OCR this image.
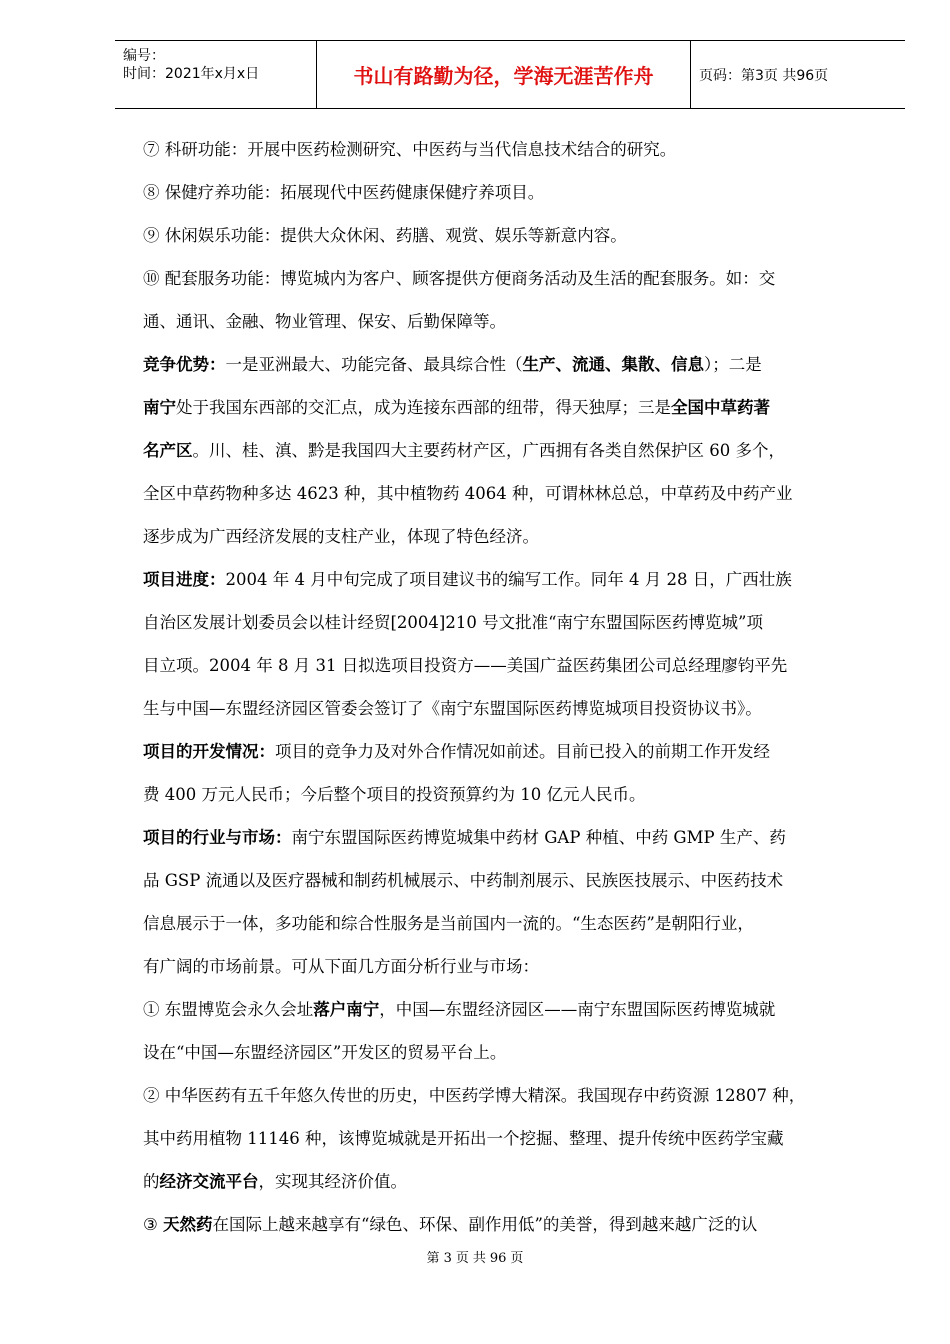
编号：
时间：2021年x月x日	书山有路勤为径，学海无涯苦作舟	页码：第3页 共96页

⑦ 科研功能：开展中医药检测研究、中医药与当代信息技术结合的研究。

⑧ 保健疗养功能：拓展现代中医药健康保健疗养项目。

⑨ 休闲娱乐功能：提供大众休闲、药膳、观赏、娱乐等新意内容。

⑩ 配套服务功能：博览城内为客户、顾客提供方便商务活动及生活的配套服务。如：交

通、通讯、金融、物业管理、保安、后勤保障等。

竞争优势：一是亚洲最大、功能完备、最具综合性（生产、流通、集散、信息）；二是

南宁处于我国东西部的交汇点，成为连接东西部的纽带，得天独厚；三是全国中草药著

名产区。川、桂、滇、黔是我国四大主要药材产区，广西拥有各类自然保护区 60 多个，

全区中草药物种多达 4623 种，其中植物药 4064 种，可谓林林总总，中草药及中药产业

逐步成为广西经济发展的支柱产业，体现了特色经济。

项目进度：2004 年 4 月中旬完成了项目建议书的编写工作。同年 4 月 28 日，广西壮族

自治区发展计划委员会以桂计经贸[2004]210 号文批准“南宁东盟国际医药博览城”项

目立项。2004 年 8 月 31 日拟选项目投资方——美国广益医药集团公司总经理廖钧平先

生与中国—东盟经济园区管委会签订了《南宁东盟国际医药博览城项目投资协议书》。

项目的开发情况：项目的竞争力及对外合作情况如前述。目前已投入的前期工作开发经

费 400 万元人民币；今后整个项目的投资预算约为 10 亿元人民币。

项目的行业与市场：南宁东盟国际医药博览城集中药材 GAP 种植、中药 GMP 生产、药

品 GSP 流通以及医疗器械和制药机械展示、中药制剂展示、民族医技展示、中医药技术

信息展示于一体，多功能和综合性服务是当前国内一流的。“生态医药”是朝阳行业，

有广阔的市场前景。可从下面几方面分析行业与市场：

① 东盟博览会永久会址落户南宁，中国—东盟经济园区——南宁东盟国际医药博览城就

设在“中国—东盟经济园区”开发区的贸易平台上。

② 中华医药有五千年悠久传世的历史，中医药学博大精深。我国现存中药资源 12807 种，

其中药用植物 11146 种，该博览城就是开拓出一个挖掘、整理、提升传统中医药学宝藏

的经济交流平台，实现其经济价值。

③ 天然药在国际上越来越享有“绿色、环保、副作用低”的美誉，得到越来越广泛的认

第 3 页 共 96 页
